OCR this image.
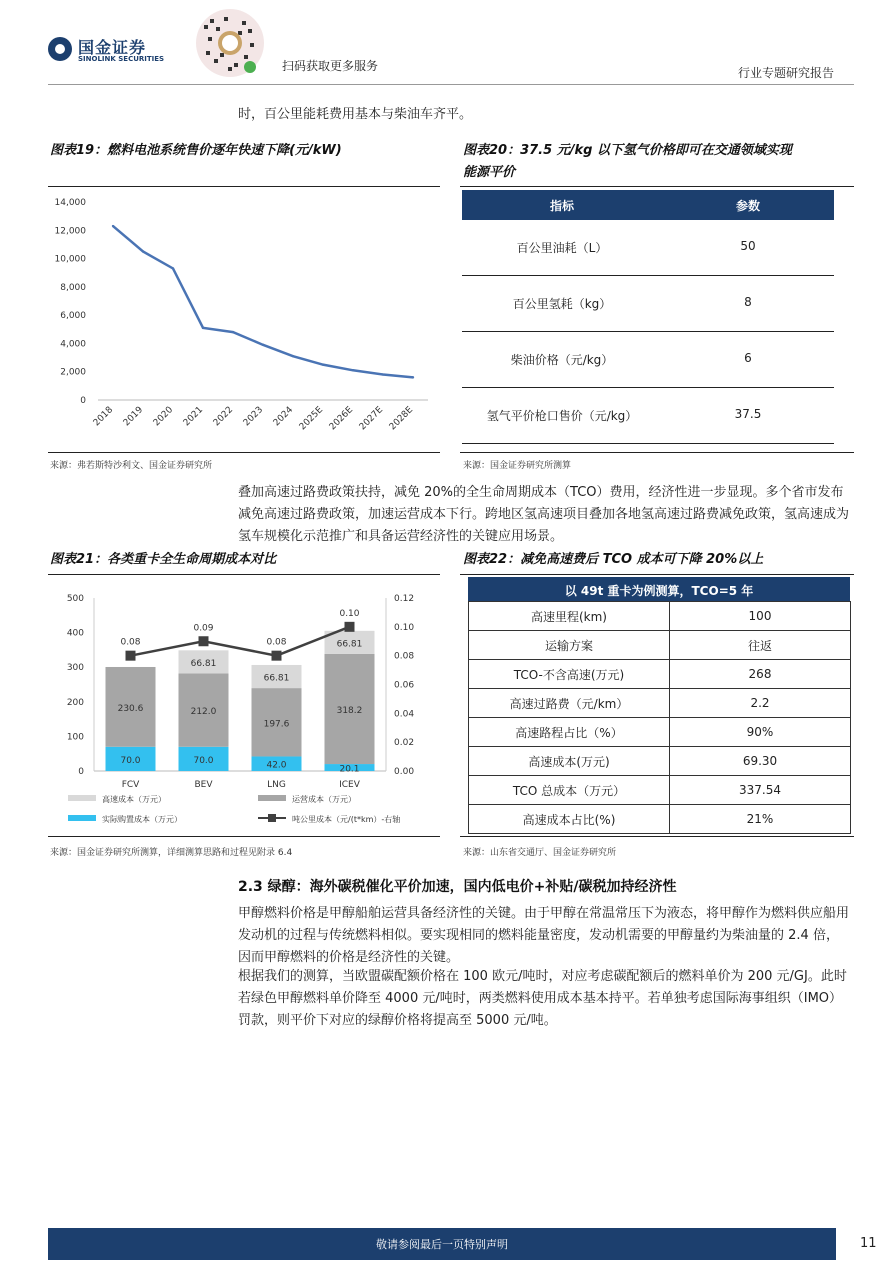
国金证券
SINOLINK SECURITIES	扫码获取更多服务	行业专题研究报告
时，百公里能耗费用基本与柴油车齐平。
图表19：燃料电池系统售价逐年快速下降(元/kW)
0
2,000
4,000
6,000
8,000
10,000
12,000
14,000
2018 2019 2020 2021 2022 2023 2024 2025E 2026E 2027E 2028E
来源：弗若斯特沙利文、国金证券研究所
图表20：37.5 元/kg 以下氢气价格即可在交通领域实现
能源平价
指标	参数
百公里油耗（L）	50
百公里氢耗（kg）	8
柴油价格（元/kg）	6
氢气平价枪口售价（元/kg）	37.5
来源：国金证券研究所测算
叠加高速过路费政策扶持，减免 20%的全生命周期成本（TCO）费用，经济性进一步显现。多个省市发布减免高速过路费政策，加速运营成本下行。跨地区氢高速项目叠加各地氢高速过路费减免政策，氢高速成为氢车规模化示范推广和具备运营经济性的关键应用场景。
图表21：各类重卡全生命周期成本对比
0
100
200
300
400
500
0.00
0.02
0.04
0.06
0.08
0.10
0.12
FCV	BEV	LNG	ICEV
70.0
230.6
70.0
212.0
66.81
42.0
197.6
66.81
20.1
318.2
66.81
0.08
0.09
0.08
0.10
高速成本（万元）	运营成本（万元）
实际购置成本（万元）	吨公里成本（元/(t*km）-右轴
来源：国金证券研究所测算，详细测算思路和过程见附录 6.4
图表22：减免高速费后 TCO 成本可下降 20%以上
以 49t 重卡为例测算，TCO=5 年
高速里程(km)	100
运输方案	往返
TCO-不含高速(万元)	268
高速过路费（元/km）	2.2
高速路程占比（%）	90%
高速成本(万元)	69.30
TCO 总成本（万元）	337.54
高速成本占比(%)	21%
来源：山东省交通厅、国金证券研究所
2.3 绿醇：海外碳税催化平价加速，国内低电价+补贴/碳税加持经济性
甲醇燃料价格是甲醇船舶运营具备经济性的关键。由于甲醇在常温常压下为液态，将甲醇作为燃料供应船用发动机的过程与传统燃料相似。要实现相同的燃料能量密度，发动机需要的甲醇量约为柴油量的 2.4 倍，因而甲醇燃料的价格是经济性的关键。
根据我们的测算，当欧盟碳配额价格在 100 欧元/吨时，对应考虑碳配额后的燃料单价为 200 元/GJ。此时若绿色甲醇燃料单价降至 4000 元/吨时，两类燃料使用成本基本持平。若单独考虑国际海事组织（IMO）罚款，则平价下对应的绿醇价格将提高至 5000 元/吨。
敬请参阅最后一页特别声明	11
